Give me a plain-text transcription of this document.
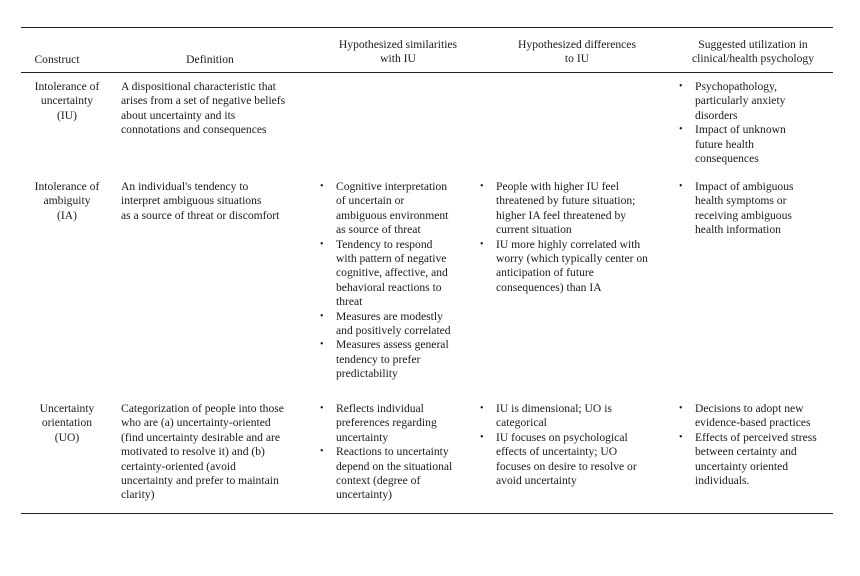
Construct	Definition
Hypothesized similarities
with IU
Hypothesized differences
to IU
Suggested utilization in
clinical/health psychology
Intolerance of
uncertainty
(IU)
A dispositional characteristic that
arises from a set of negative beliefs
about uncertainty and its
connotations and consequences
• Psychopathology,
particularly anxiety
disorders
• Impact of unknown
future health
consequences
Intolerance of
ambiguity
(IA)
An individual's tendency to
interpret ambiguous situations
as a source of threat or discomfort
• Cognitive interpretation
of uncertain or
ambiguous environment
as source of threat
• Tendency to respond
with pattern of negative
cognitive, affective, and
behavioral reactions to
threat
• Measures are modestly
and positively correlated
• Measures assess general
tendency to prefer
predictability
• People with higher IU feel
threatened by future situation;
higher IA feel threatened by
current situation
• IU more highly correlated with
worry (which typically center on
anticipation of future
consequences) than IA
• Impact of ambiguous
health symptoms or
receiving ambiguous
health information
Uncertainty
orientation
(UO)
Categorization of people into those
who are (a) uncertainty-oriented
(find uncertainty desirable and are
motivated to resolve it) and (b)
certainty-oriented (avoid
uncertainty and prefer to maintain
clarity)
• Reflects individual
preferences regarding
uncertainty
• Reactions to uncertainty
depend on the situational
context (degree of
uncertainty)
• IU is dimensional; UO is
categorical
• IU focuses on psychological
effects of uncertainty; UO
focuses on desire to resolve or
avoid uncertainty
• Decisions to adopt new
evidence-based practices
• Effects of perceived stress
between certainty and
uncertainty oriented
individuals.
